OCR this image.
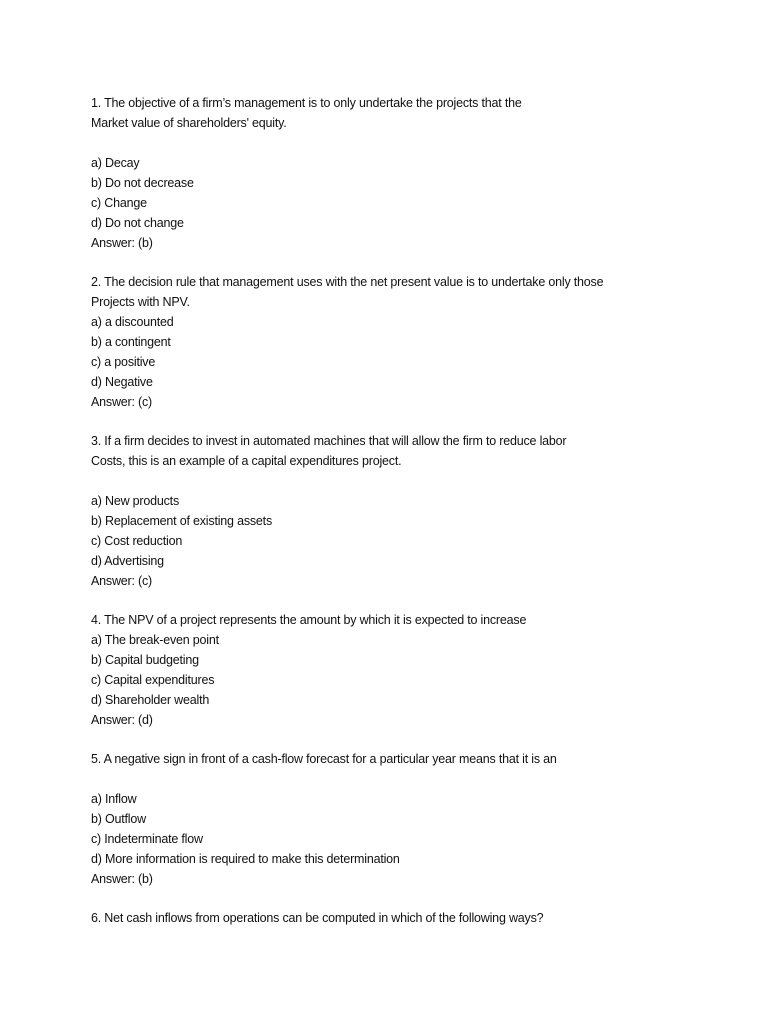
1. The objective of a firm’s management is to only undertake the projects that the
Market value of shareholders' equity.
a) Decay
b) Do not decrease
c) Change
d) Do not change
Answer: (b)
2. The decision rule that management uses with the net present value is to undertake only those
Projects with NPV.
a) a discounted
b) a contingent
c) a positive
d) Negative
Answer: (c)
3. If a firm decides to invest in automated machines that will allow the firm to reduce labor
Costs, this is an example of a capital expenditures project.
a) New products
b) Replacement of existing assets
c) Cost reduction
d) Advertising
Answer: (c)
4. The NPV of a project represents the amount by which it is expected to increase
a) The break-even point
b) Capital budgeting
c) Capital expenditures
d) Shareholder wealth
Answer: (d)
5. A negative sign in front of a cash-flow forecast for a particular year means that it is an
a) Inflow
b) Outflow
c) Indeterminate flow
d) More information is required to make this determination
Answer: (b)
6. Net cash inflows from operations can be computed in which of the following ways?
